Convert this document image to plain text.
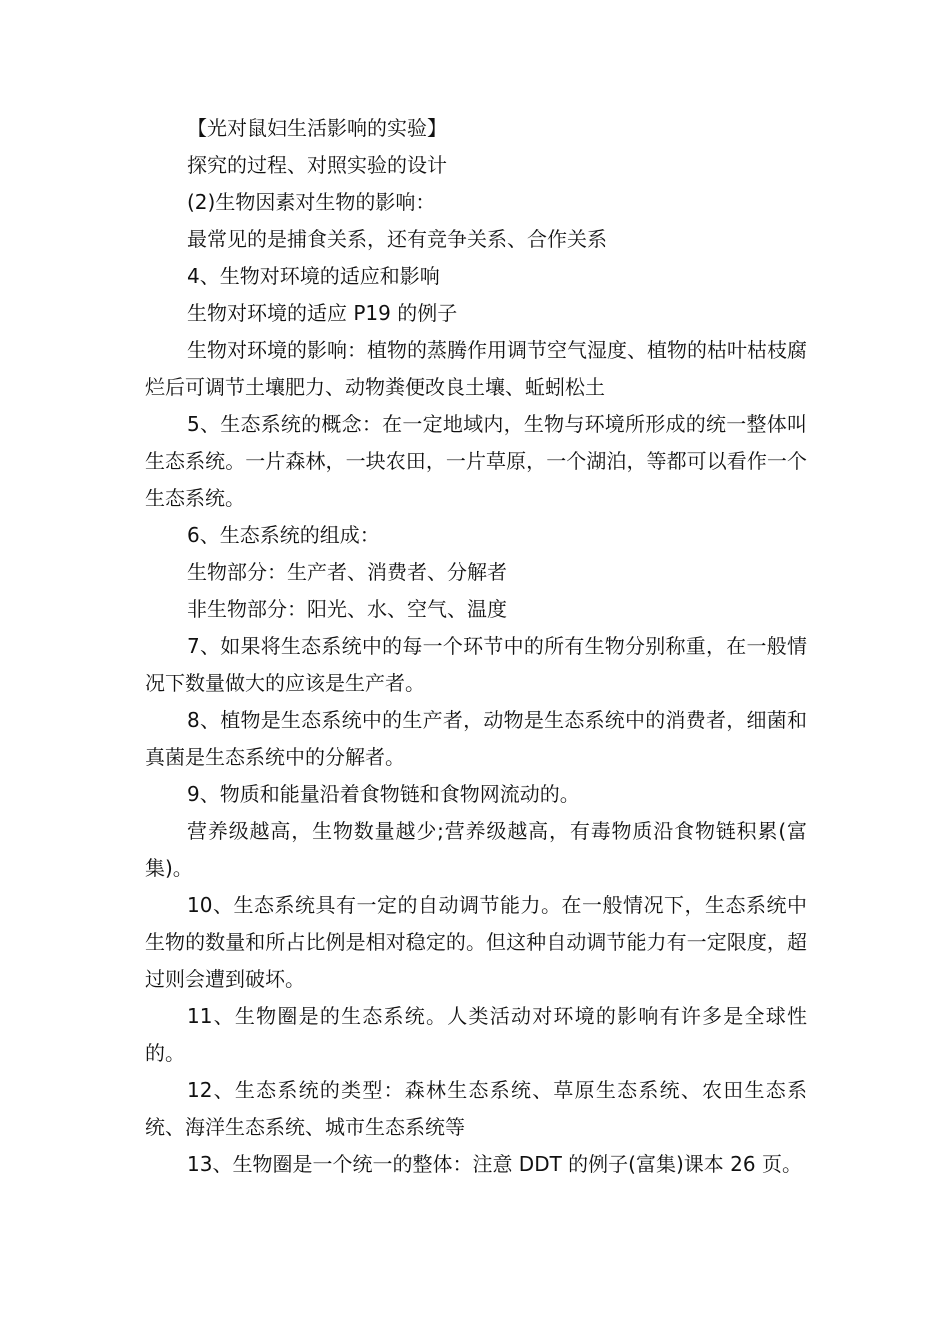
【光对鼠妇生活影响的实验】

探究的过程、对照实验的设计

(2)生物因素对生物的影响：

最常见的是捕食关系，还有竞争关系、合作关系

4、生物对环境的适应和影响

生物对环境的适应 P19 的例子

生物对环境的影响：植物的蒸腾作用调节空气湿度、植物的枯叶枯枝腐烂后可调节土壤肥力、动物粪便改良土壤、蚯蚓松土

5、生态系统的概念：在一定地域内，生物与环境所形成的统一整体叫生态系统。一片森林，一块农田，一片草原，一个湖泊，等都可以看作一个生态系统。

6、生态系统的组成：

生物部分：生产者、消费者、分解者

非生物部分：阳光、水、空气、温度

7、如果将生态系统中的每一个环节中的所有生物分别称重，在一般情况下数量做大的应该是生产者。

8、植物是生态系统中的生产者，动物是生态系统中的消费者，细菌和真菌是生态系统中的分解者。

9、物质和能量沿着食物链和食物网流动的。

营养级越高，生物数量越少;营养级越高，有毒物质沿食物链积累(富集)。

10、生态系统具有一定的自动调节能力。在一般情况下，生态系统中生物的数量和所占比例是相对稳定的。但这种自动调节能力有一定限度，超过则会遭到破坏。

11、生物圈是的生态系统。人类活动对环境的影响有许多是全球性的。

12、生态系统的类型：森林生态系统、草原生态系统、农田生态系统、海洋生态系统、城市生态系统等

13、生物圈是一个统一的整体：注意 DDT 的例子(富集)课本 26 页。
